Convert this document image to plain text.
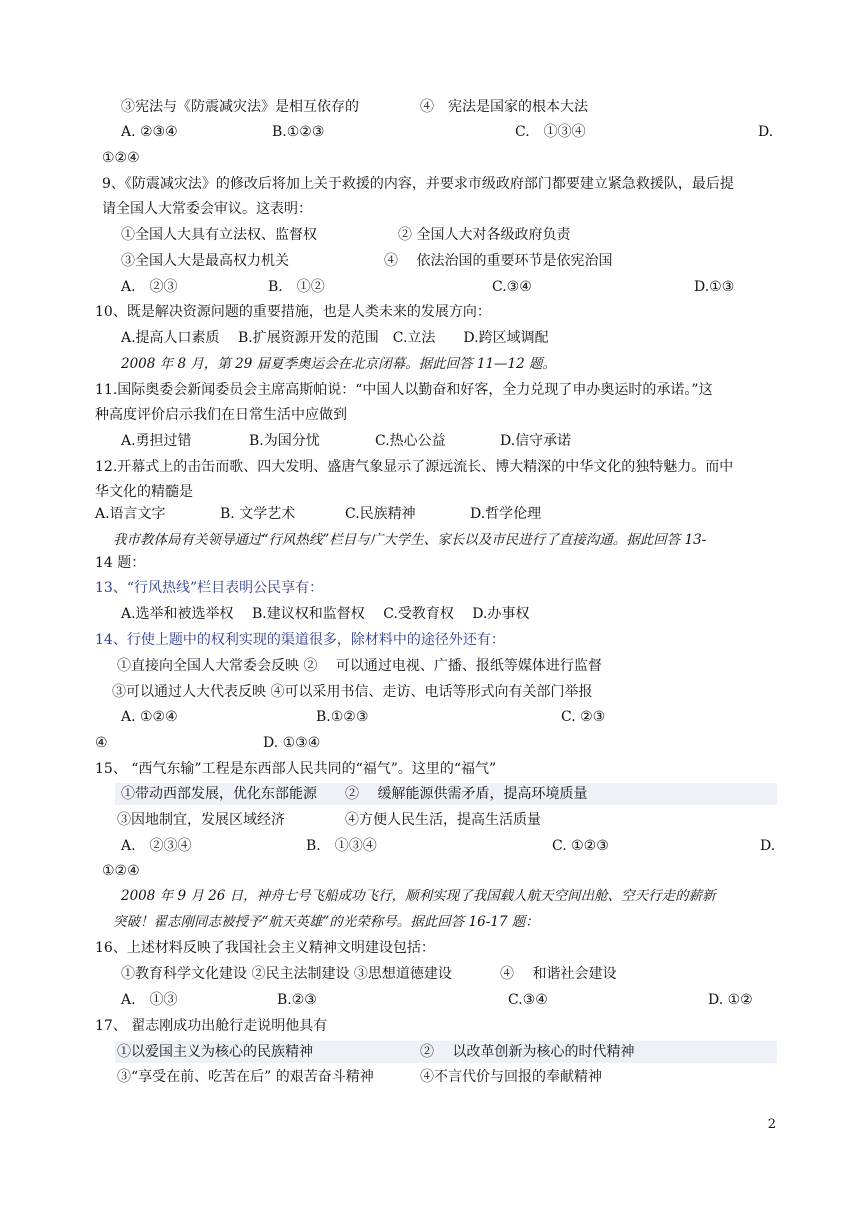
③宪法与《防震减灾法》是相互依存的	④　宪法是国家的根本大法
A. ②③④	B.①②③	C.　①③④	D.
①②④
9、《防震减灾法》的修改后将加上关于救援的内容，并要求市级政府部门都要建立紧急救援队，最后提
请全国人大常委会审议。这表明：
①全国人大具有立法权、监督权	② 全国人大对各级政府负责
③全国人大是最高权力机关	④　 依法治国的重要环节是依宪治国
A.　②③	B.　①②	C.③④	D.①③
10、既是解决资源问题的重要措施，也是人类未来的发展方向：
A.提高人口素质　 B.扩展资源开发的范围　C.立法　　D.跨区域调配
2008 年 8 月，第 29 届夏季奥运会在北京闭幕。据此回答 11—12 题。
11.国际奥委会新闻委员会主席高斯帕说：“中国人以勤奋和好客，全力兑现了申办奥运时的承诺。”这
种高度评价启示我们在日常生活中应做到
A.勇担过错	B.为国分忧	C.热心公益	D.信守承诺
12.开幕式上的击缶而歌、四大发明、盛唐气象显示了源远流长、博大精深的中华文化的独特魅力。而中
华文化的精髓是
A.语言文字	B. 文学艺术	C.民族精神	D.哲学伦理
我市教体局有关领导通过“行风热线”栏目与广大学生、家长以及市民进行了直接沟通。据此回答 13-
14 题：
13、“行风热线”栏目表明公民享有：
A.选举和被选举权　 B.建议权和监督权　 C.受教育权　 D.办事权
14、行使上题中的权利实现的渠道很多，除材料中的途径外还有：
①直接向全国人大常委会反映 ②　 可以通过电视、广播、报纸等媒体进行监督
③可以通过人大代表反映 ④可以采用书信、走访、电话等形式向有关部门举报
A. ①②④	B.①②③	C. ②③
④	D. ①③④
15、 “西气东输”工程是东西部人民共同的“福气”。这里的“福气”
①带动西部发展，优化东部能源 ②　 缓解能源供需矛盾，提高环境质量
③因地制宜，发展区域经济	④方便人民生活，提高生活质量
A.　②③④	B.　①③④	C. ①②③	D.
①②④
2008 年 9 月 26 日，神舟七号飞船成功飞行，顺利实现了我国载人航天空间出舱、空天行走的薪新
突破！翟志刚同志被授予“航天英雄”的光荣称号。据此回答 16-17 题：
16、上述材料反映了我国社会主义精神文明建设包括：
①教育科学文化建设 ②民主法制建设 ③思想道德建设	④　 和谐社会建设
A.　①③	B.②③	C.③④	D. ①②
17、 翟志刚成功出舱行走说明他具有
①以爱国主义为核心的民族精神	②　 以改革创新为核心的时代精神
③“享受在前、吃苦在后” 的艰苦奋斗精神	④不言代价与回报的奉献精神
2
